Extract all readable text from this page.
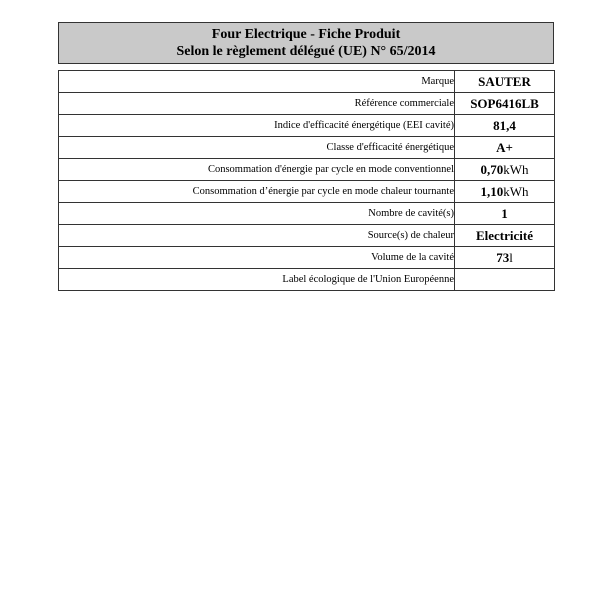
Four Electrique - Fiche Produit
Selon le règlement délégué (UE) N° 65/2014
Marque	SAUTER
Référence commerciale	SOP6416LB
Indice d'efficacité énergétique (EEI cavité)	81,4
Classe d'efficacité énergétique	A+
Consommation d'énergie par cycle en mode conventionnel	0,70kWh
Consommation d’énergie par cycle en mode chaleur tournante	1,10kWh
Nombre de cavité(s)	1
Source(s) de chaleur	Electricité
Volume de la cavité	73l
Label écologique de l'Union Européenne	
